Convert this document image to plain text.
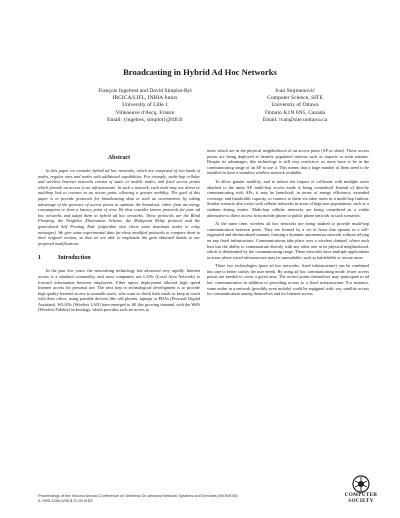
Broadcasting in Hybrid Ad Hoc Networks
François Ingelrest and David Simplot-Ryl
IRCICA/LIFL, INRIA futurs
University of Lille 1
Villeneuve d'Ascq, France
Email: {ingelres, simplot}@lifl.fr
Ivan Stojmenović
Computer Science, SITE
University of Ottawa
Ontario K1N 6N5, Canada
Email: ivan@site.uottawa.ca
Abstract

In this paper we consider hybrid ad hoc networks, which are composed of two kinds of nodes, regular ones and nodes with additional capabilities. For example, multi-hop cellular and wireless Internet networks consist of static or mobile nodes, and fixed access points which provide an access to an infrastructure. In such a network, each node may use direct or multihop link to connect to an access point, allowing a greater mobility. The goal of this paper is to provide protocols for broadcasting data in such an environment, by taking advantage of the presence of access points to optimize the broadcast, either from an energy consumption or from a latency point of view. We thus consider known protocols for pure ad hoc networks and adapt them to hybrid ad hoc networks. These protocols are the Blind Flooding, the Neighbor Elimination Scheme, the Multipoint Relay protocol and the generalized Self Pruning Rule (algorithm that elects some dominant nodes to relay messages). We give some experimental data for these modified protocols to compare them to their original version, so that we are able to emphasize the gain obtained thanks to our proposed modifications.

1	Introduction

In the past few years, the networking technology has advanced very rapidly. Internet access is a standard commodity, and most companies use LANs (Local Area Network) to forward information between employees. Fiber optics deployment allowed high speed Internet access for personal use. The next step in technological development is to provide high quality Internet access to nomadic users, who want to check their mails or keep in touch with their office, using portable devices like cell phones, laptops or PDAs (Personal Digital Assistant). WLANs (Wireless LAN) have emerged to fill this growing demand, with the WiFi (Wireless Fidelity) technology, which provides such an access to

users which are in the physical neighborhood of an access point (AP in short). These access points are being deployed at densely populated stations such as airports or train stations. Despite its advantages, this technology is still very restrictive, as users have to be in the communicating range of an AP to use it. This means that a large number of them need to be installed to have a seamless wireless network available.

To allow greater mobility, and to reduce the impact of collisions with multiple users attached to the same AP, multi-hop access mode is being considered. Instead of directly communicating with APs, it may be beneficial, in terms of energy efficiency, extended coverage, and bandwidth capacity, to connect to them via other users in a multi-hop fashion. Similar scenario also exists with cellular networks in areas of high user populations, such as a stadium during events. Multi-hop cellular networks are being considered as a viable alternative to direct access from mobile phone to public phone network in such scenarios.

At the same time, wireless ad hoc networks are being studied to provide multi-hop communication between peers. They are formed by a set of hosts that operate in a self-organized and decentralized manner, forming a dynamic autonomous network without relying on any fixed infrastructure. Communications take place over a wireless channel, where each host has the ability to communicate directly with any other one in its physical neighborhood, which is determined by the communicating range. These networks have multiple applications in areas where wired infrastructure may be unavailable, such as battlefields or rescue areas.

These two technologies (pure ad hoc networks, fixed infrastructure) can be combined into one to better satisfy the user needs. By using ad hoc communicating mode, fewer access points are needed to cover a given area. The access points themselves may participate in ad hoc communication in addition to providing access to a fixed infrastructure. For instance, some nodes in a network (possibly even mobile) could be equipped with, say, satellite access for communication among themselves and for Internet access.

Proceedings of the Second Annual Conference on Wireless On-demand Network Systems and Services (WONS'05)
0-7695-2290-0/05 $ 20.00 IEEE
COMPUTER
SOCIETY
